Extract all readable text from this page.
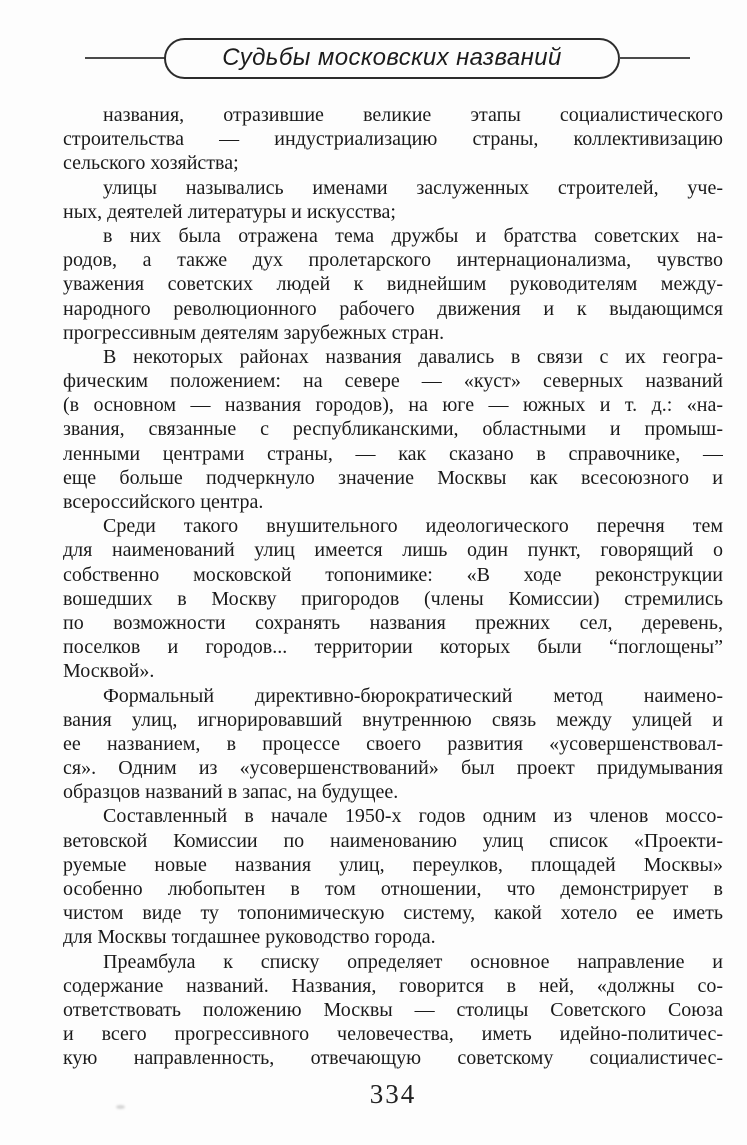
Судьбы московских названий
названия, отразившие великие этапы социалистического
строительства — индустриализацию страны, коллективизацию
сельского хозяйства;
улицы назывались именами заслуженных строителей, уче-
ных, деятелей литературы и искусства;
в них была отражена тема дружбы и братства советских на-
родов, а также дух пролетарского интернационализма, чувство
уважения советских людей к виднейшим руководителям между-
народного революционного рабочего движения и к выдающимся
прогрессивным деятелям зарубежных стран.
В некоторых районах названия давались в связи с их геогра-
фическим положением: на севере — «куст» северных названий
(в основном — названия городов), на юге — южных и т. д.: «на-
звания, связанные с республиканскими, областными и промыш-
ленными центрами страны, — как сказано в справочнике, —
еще больше подчеркнуло значение Москвы как всесоюзного и
всероссийского центра.
Среди такого внушительного идеологического перечня тем
для наименований улиц имеется лишь один пункт, говорящий о
собственно московской топонимике: «В ходе реконструкции
вошедших в Москву пригородов (члены Комиссии) стремились
по возможности сохранять названия прежних сел, деревень,
поселков и городов... территории которых были “поглощены”
Москвой».
Формальный директивно-бюрократический метод наимено-
вания улиц, игнорировавший внутреннюю связь между улицей и
ее названием, в процессе своего развития «усовершенствовал-
ся». Одним из «усовершенствований» был проект придумывания
образцов названий в запас, на будущее.
Составленный в начале 1950-х годов одним из членов моссо-
ветовской Комиссии по наименованию улиц список «Проекти-
руемые новые названия улиц, переулков, площадей Москвы»
особенно любопытен в том отношении, что демонстрирует в
чистом виде ту топонимическую систему, какой хотело ее иметь
для Москвы тогдашнее руководство города.
Преамбула к списку определяет основное направление и
содержание названий. Названия, говорится в ней, «должны со-
ответствовать положению Москвы — столицы Советского Союза
и всего прогрессивного человечества, иметь идейно-политичес-
кую направленность, отвечающую советскому социалистичес-
334
